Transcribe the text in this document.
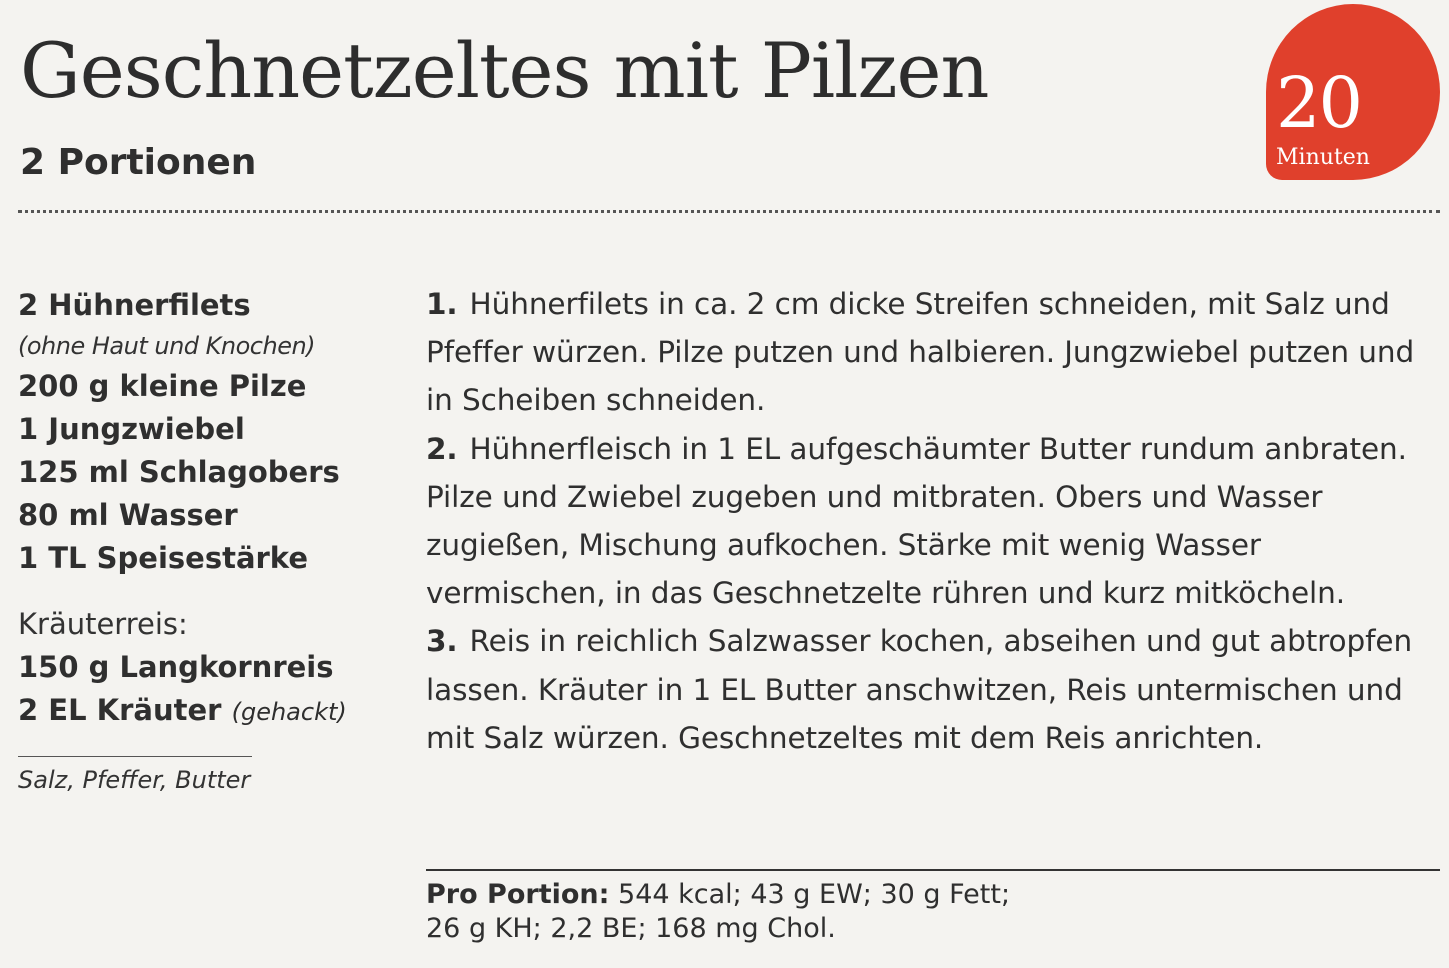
Geschnetzeltes mit Pilzen
2 Portionen
20
Minuten
2 Hühnerfilets
(ohne Haut und Knochen)
200 g kleine Pilze
1 Jungzwiebel
125 ml Schlagobers
80 ml Wasser
1 TL Speisestärke
Kräuterreis:
150 g Langkornreis
2 EL Kräuter (gehackt)
Salz, Pfeffer, Butter

1. Hühnerfilets in ca. 2 cm dicke Streifen schneiden, mit Salz und Pfeffer würzen. Pilze putzen und halbieren. Jungzwiebel putzen und in Scheiben schneiden.

2. Hühnerfleisch in 1 EL aufgeschäumter Butter rundum anbraten. Pilze und Zwiebel zugeben und mitbraten. Obers und Wasser zugießen, Mischung aufkochen. Stärke mit wenig Wasser vermischen, in das Geschnetzelte rühren und kurz mitköcheln.

3. Reis in reichlich Salzwasser kochen, abseihen und gut abtropfen lassen. Kräuter in 1 EL Butter anschwitzen, Reis untermischen und mit Salz würzen. Geschnetzeltes mit dem Reis anrichten.

Pro Portion: 544 kcal; 43 g EW; 30 g Fett;
26 g KH; 2,2 BE; 168 mg Chol.
